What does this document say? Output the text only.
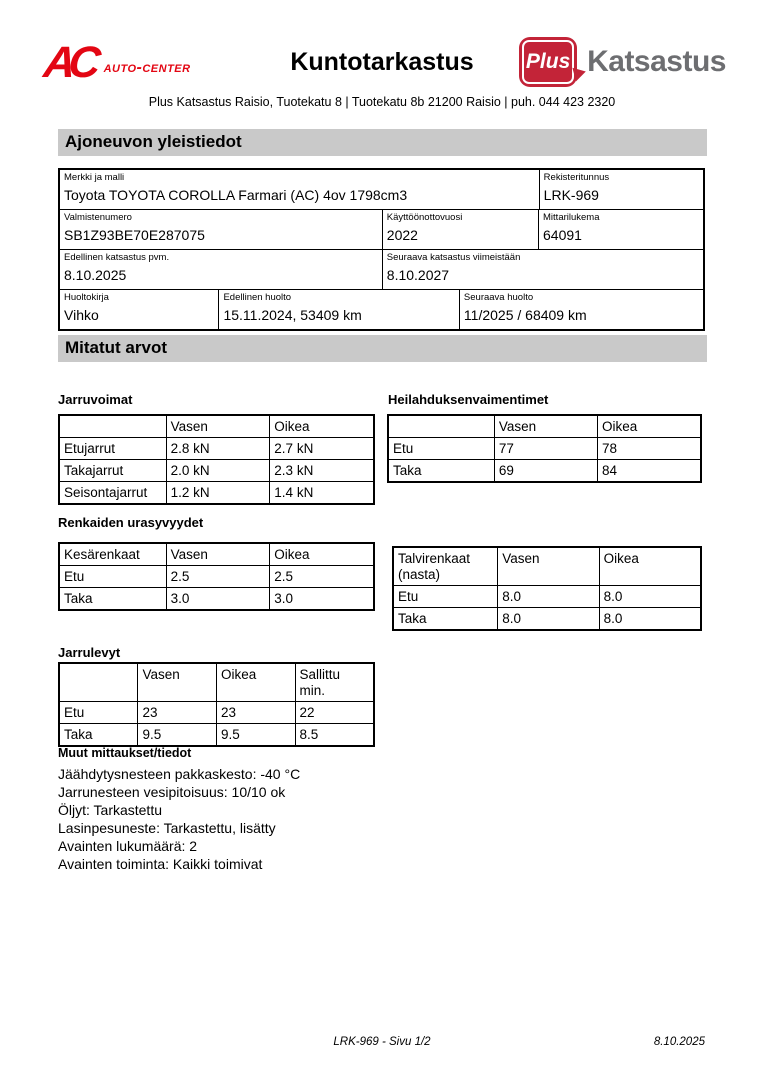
AC auto-center	Kuntotarkastus	Plus Katsastus
Plus Katsastus Raisio, Tuotekatu 8 | Tuotekatu 8b 21200 Raisio | puh. 044 423 2320
Ajoneuvon yleistiedot
Merkki ja malli
Toyota TOYOTA COROLLA Farmari (AC) 4ov 1798cm3
Rekisteritunnus
LRK-969
Valmistenumero
SB1Z93BE70E287075
Käyttöönottovuosi
2022
Mittarilukema
64091
Edellinen katsastus pvm.
8.10.2025
Seuraava katsastus viimeistään
8.10.2027
Huoltokirja
Vihko
Edellinen huolto
15.11.2024, 53409 km
Seuraava huolto
11/2025 / 68409 km
Mitatut arvot
Jarruvoimat	Heilahduksenvaimentimet
	Vasen	Oikea
Etujarrut	2.8 kN	2.7 kN
Takajarrut	2.0 kN	2.3 kN
Seisontajarrut	1.2 kN	1.4 kN
	Vasen	Oikea
Etu	77	78
Taka	69	84
Renkaiden urasyvyydet
Kesärenkaat	Vasen	Oikea
Etu	2.5	2.5
Taka	3.0	3.0
Talvirenkaat (nasta)	Vasen	Oikea
Etu	8.0	8.0
Taka	8.0	8.0
Jarrulevyt
	Vasen	Oikea	Sallittu min.
Etu	23	23	22
Taka	9.5	9.5	8.5
Muut mittaukset/tiedot
Jäähdytysnesteen pakkaskesto: -40 °C
Jarrunesteen vesipitoisuus: 10/10 ok
Öljyt: Tarkastettu
Lasinpesuneste: Tarkastettu, lisätty
Avainten lukumäärä: 2
Avainten toiminta: Kaikki toimivat
LRK-969 - Sivu 1/2	8.10.2025
